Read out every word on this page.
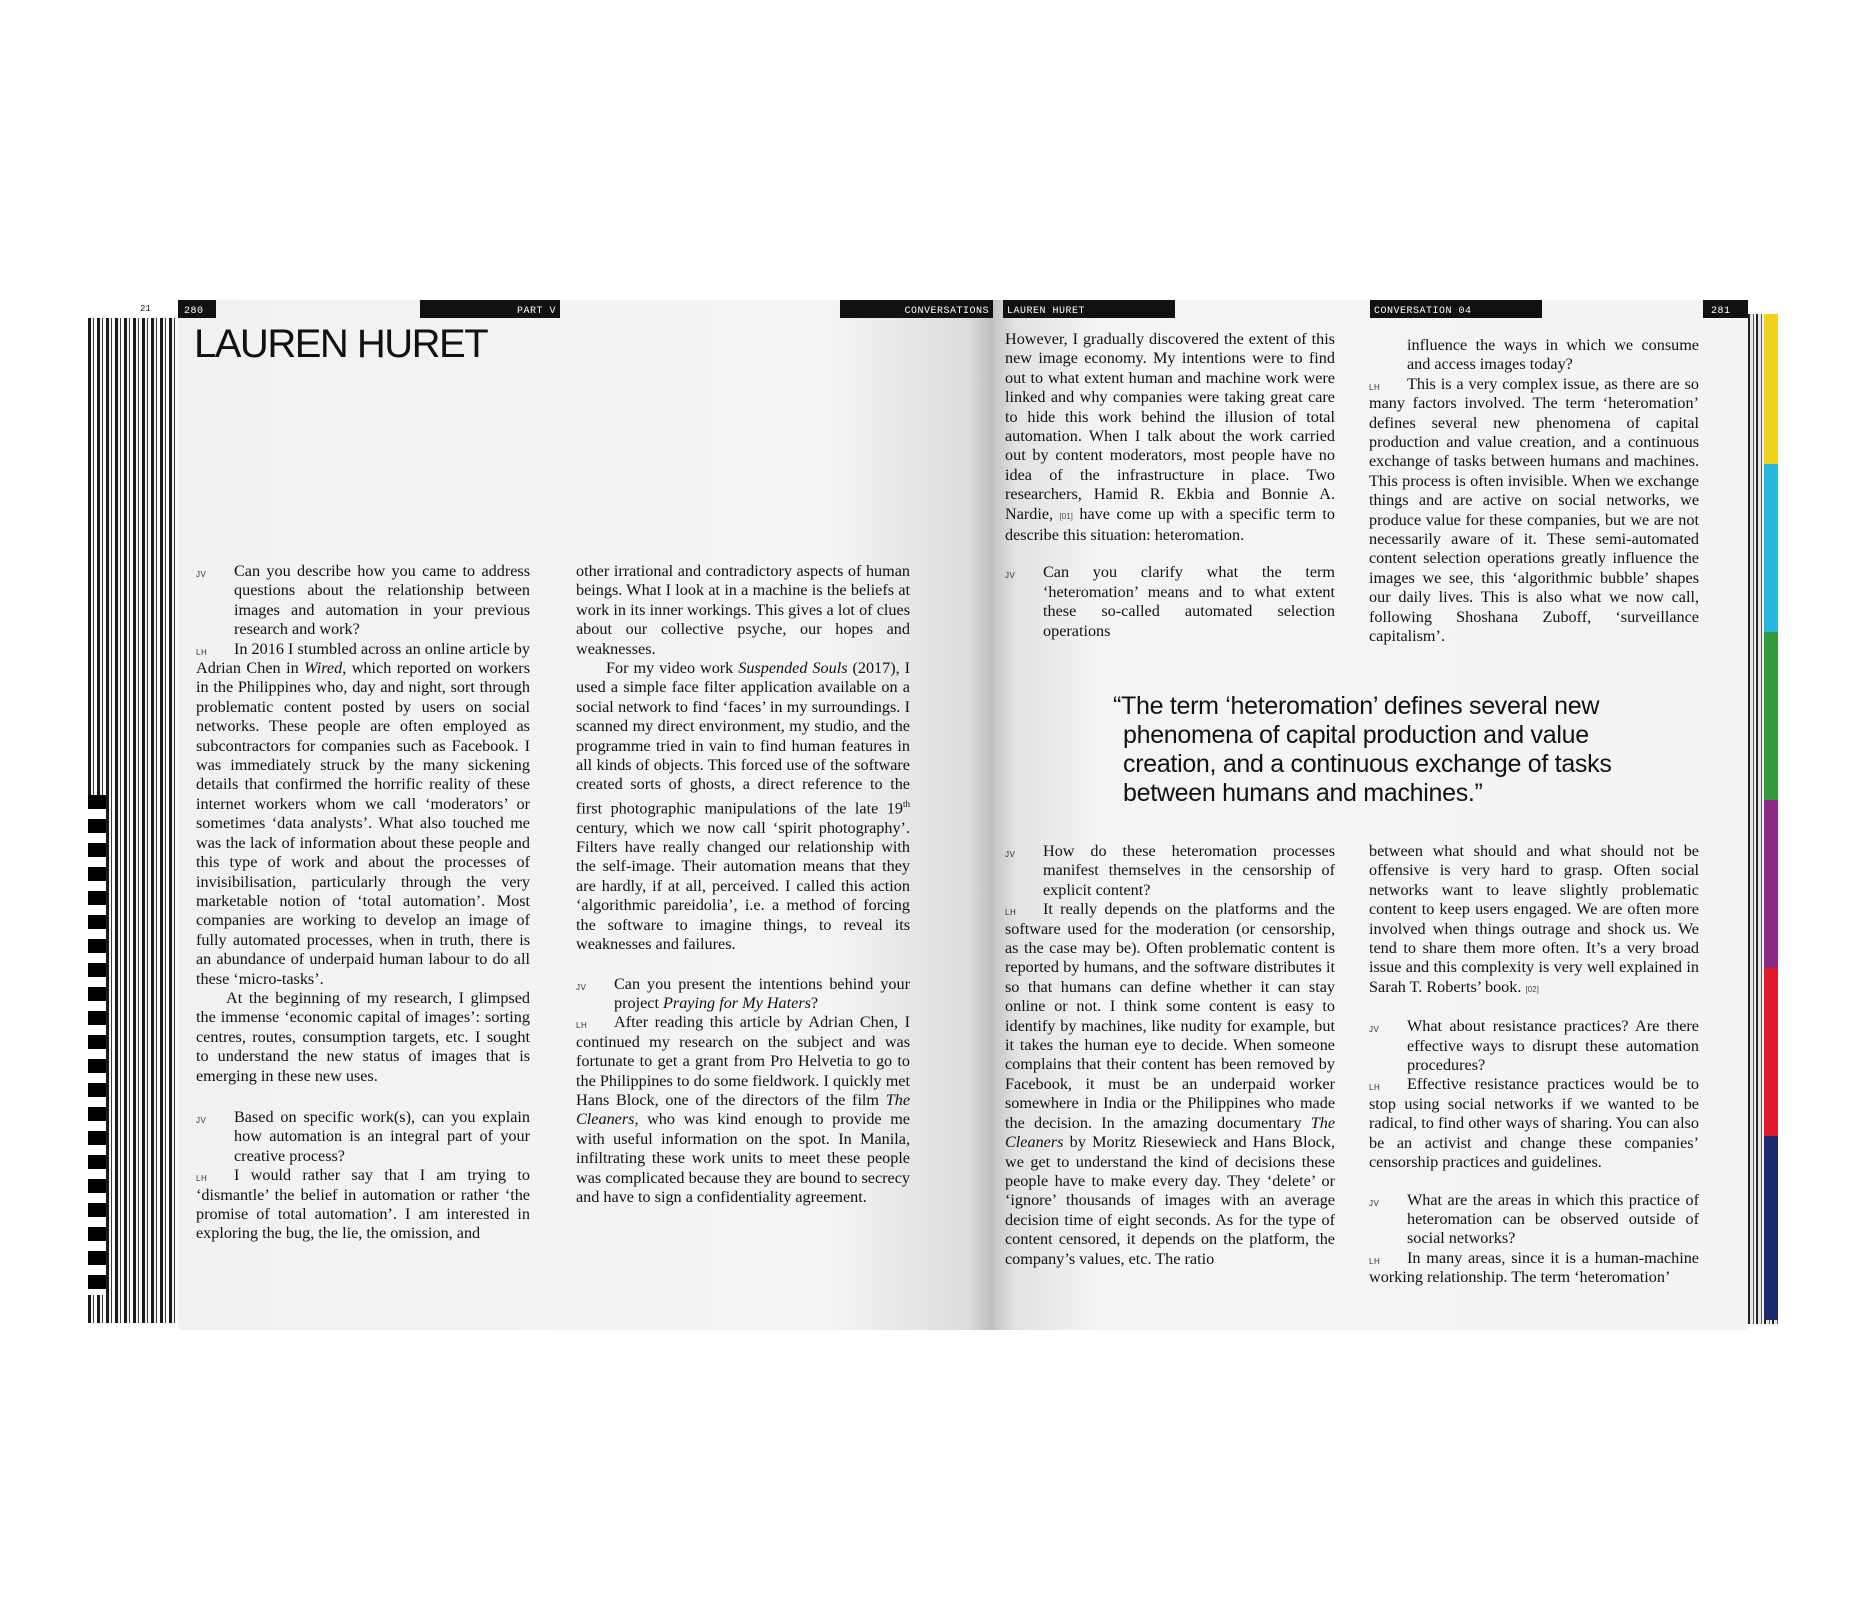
280	PART V	CONVERSATIONS
LAUREN HURET

JV Can you describe how you came to address questions about the relationship between images and automation in your previous research and work?

LH In 2016 I stumbled across an online article by Adrian Chen in Wired, which reported on workers in the Philippines who, day and night, sort through problematic content posted by users on social networks. These people are often employed as subcontractors for companies such as Facebook. I was immediately struck by the many sickening details that confirmed the horrific reality of these internet workers whom we call ‘moderators’ or sometimes ‘data analysts’. What also touched me was the lack of information about these people and this type of work and about the processes of invisibilisation, particularly through the very marketable notion of ‘total automation’. Most companies are working to develop an image of fully automated processes, when in truth, there is an abundance of underpaid human labour to do all these ‘micro-tasks’.

At the beginning of my research, I glimpsed the immense ‘economic capital of images’: sorting centres, routes, consumption targets, etc. I sought to understand the new status of images that is emerging in these new uses.

JV Based on specific work(s), can you explain how automation is an integral part of your creative process?

LH I would rather say that I am trying to ‘dismantle’ the belief in automation or rather ‘the promise of total automation’. I am interested in exploring the bug, the lie, the omission, and

other irrational and contradictory aspects of human beings. What I look at in a machine is the beliefs at work in its inner workings. This gives a lot of clues about our collective psyche, our hopes and weaknesses.

For my video work Suspended Souls (2017), I used a simple face filter application available on a social network to find ‘faces’ in my surroundings. I scanned my direct environment, my studio, and the programme tried in vain to find human features in all kinds of objects. This forced use of the software created sorts of ghosts, a direct reference to the first photographic manipulations of the late 19th century, which we now call ‘spirit photography’. Filters have really changed our relationship with the self-image. Their automation means that they are hardly, if at all, perceived. I called this action ‘algorithmic pareidolia’, i.e. a method of forcing the software to imagine things, to reveal its weaknesses and failures.

JV Can you present the intentions behind your project Praying for My Haters?

LH After reading this article by Adrian Chen, I continued my research on the subject and was fortunate to get a grant from Pro Helvetia to go to the Philippines to do some fieldwork. I quickly met Hans Block, one of the directors of the film The Cleaners, who was kind enough to provide me with useful information on the spot. In Manila, infiltrating these work units to meet these people was complicated because they are bound to secrecy and have to sign a confidentiality agreement.

LAUREN HURET	CONVERSATION 04	281

However, I gradually discovered the extent of this new image economy. My intentions were to find out to what extent human and machine work were linked and why companies were taking great care to hide this work behind the illusion of total automation. When I talk about the work carried out by content moderators, most people have no idea of the infrastructure in place. Two researchers, Hamid R. Ekbia and Bonnie A. Nardie, [01] have come up with a specific term to describe this situation: heteromation.

JV Can you clarify what the term ‘heteromation’ means and to what extent these so-called automated selection operations

influence the ways in which we consume and access images today?

LH This is a very complex issue, as there are so many factors involved. The term ‘heteromation’ defines several new phenomena of capital production and value creation, and a continuous exchange of tasks between humans and machines. This process is often invisible. When we exchange things and are active on social networks, we produce value for these companies, but we are not necessarily aware of it. These semi-automated content selection operations greatly influence the images we see, this ‘algorithmic bubble’ shapes our daily lives. This is also what we now call, following Shoshana Zuboff, ‘surveillance capitalism’.

“The term ‘heteromation’ defines several new phenomena of capital production and value creation, and a continuous exchange of tasks between humans and machines.”

JV How do these heteromation processes manifest themselves in the censorship of explicit content?

LH It really depends on the platforms and the software used for the moderation (or censorship, as the case may be). Often problematic content is reported by humans, and the software distributes it so that humans can define whether it can stay online or not. I think some content is easy to identify by machines, like nudity for example, but it takes the human eye to decide. When someone complains that their content has been removed by Facebook, it must be an underpaid worker somewhere in India or the Philippines who made the decision. In the amazing documentary The Cleaners by Moritz Riesewieck and Hans Block, we get to understand the kind of decisions these people have to make every day. They ‘delete’ or ‘ignore’ thousands of images with an average decision time of eight seconds. As for the type of content censored, it depends on the platform, the company’s values, etc. The ratio

between what should and what should not be offensive is very hard to grasp. Often social networks want to leave slightly problematic content to keep users engaged. We are often more involved when things outrage and shock us. We tend to share them more often. It’s a very broad issue and this complexity is very well explained in Sarah T. Roberts’ book. [02]

JV What about resistance practices? Are there effective ways to disrupt these automation procedures?

LH Effective resistance practices would be to stop using social networks if we wanted to be radical, to find other ways of sharing. You can also be an activist and change these companies’ censorship practices and guidelines.

JV What are the areas in which this practice of heteromation can be observed outside of social networks?

LH In many areas, since it is a human-machine working relationship. The term ‘heteromation’

21
